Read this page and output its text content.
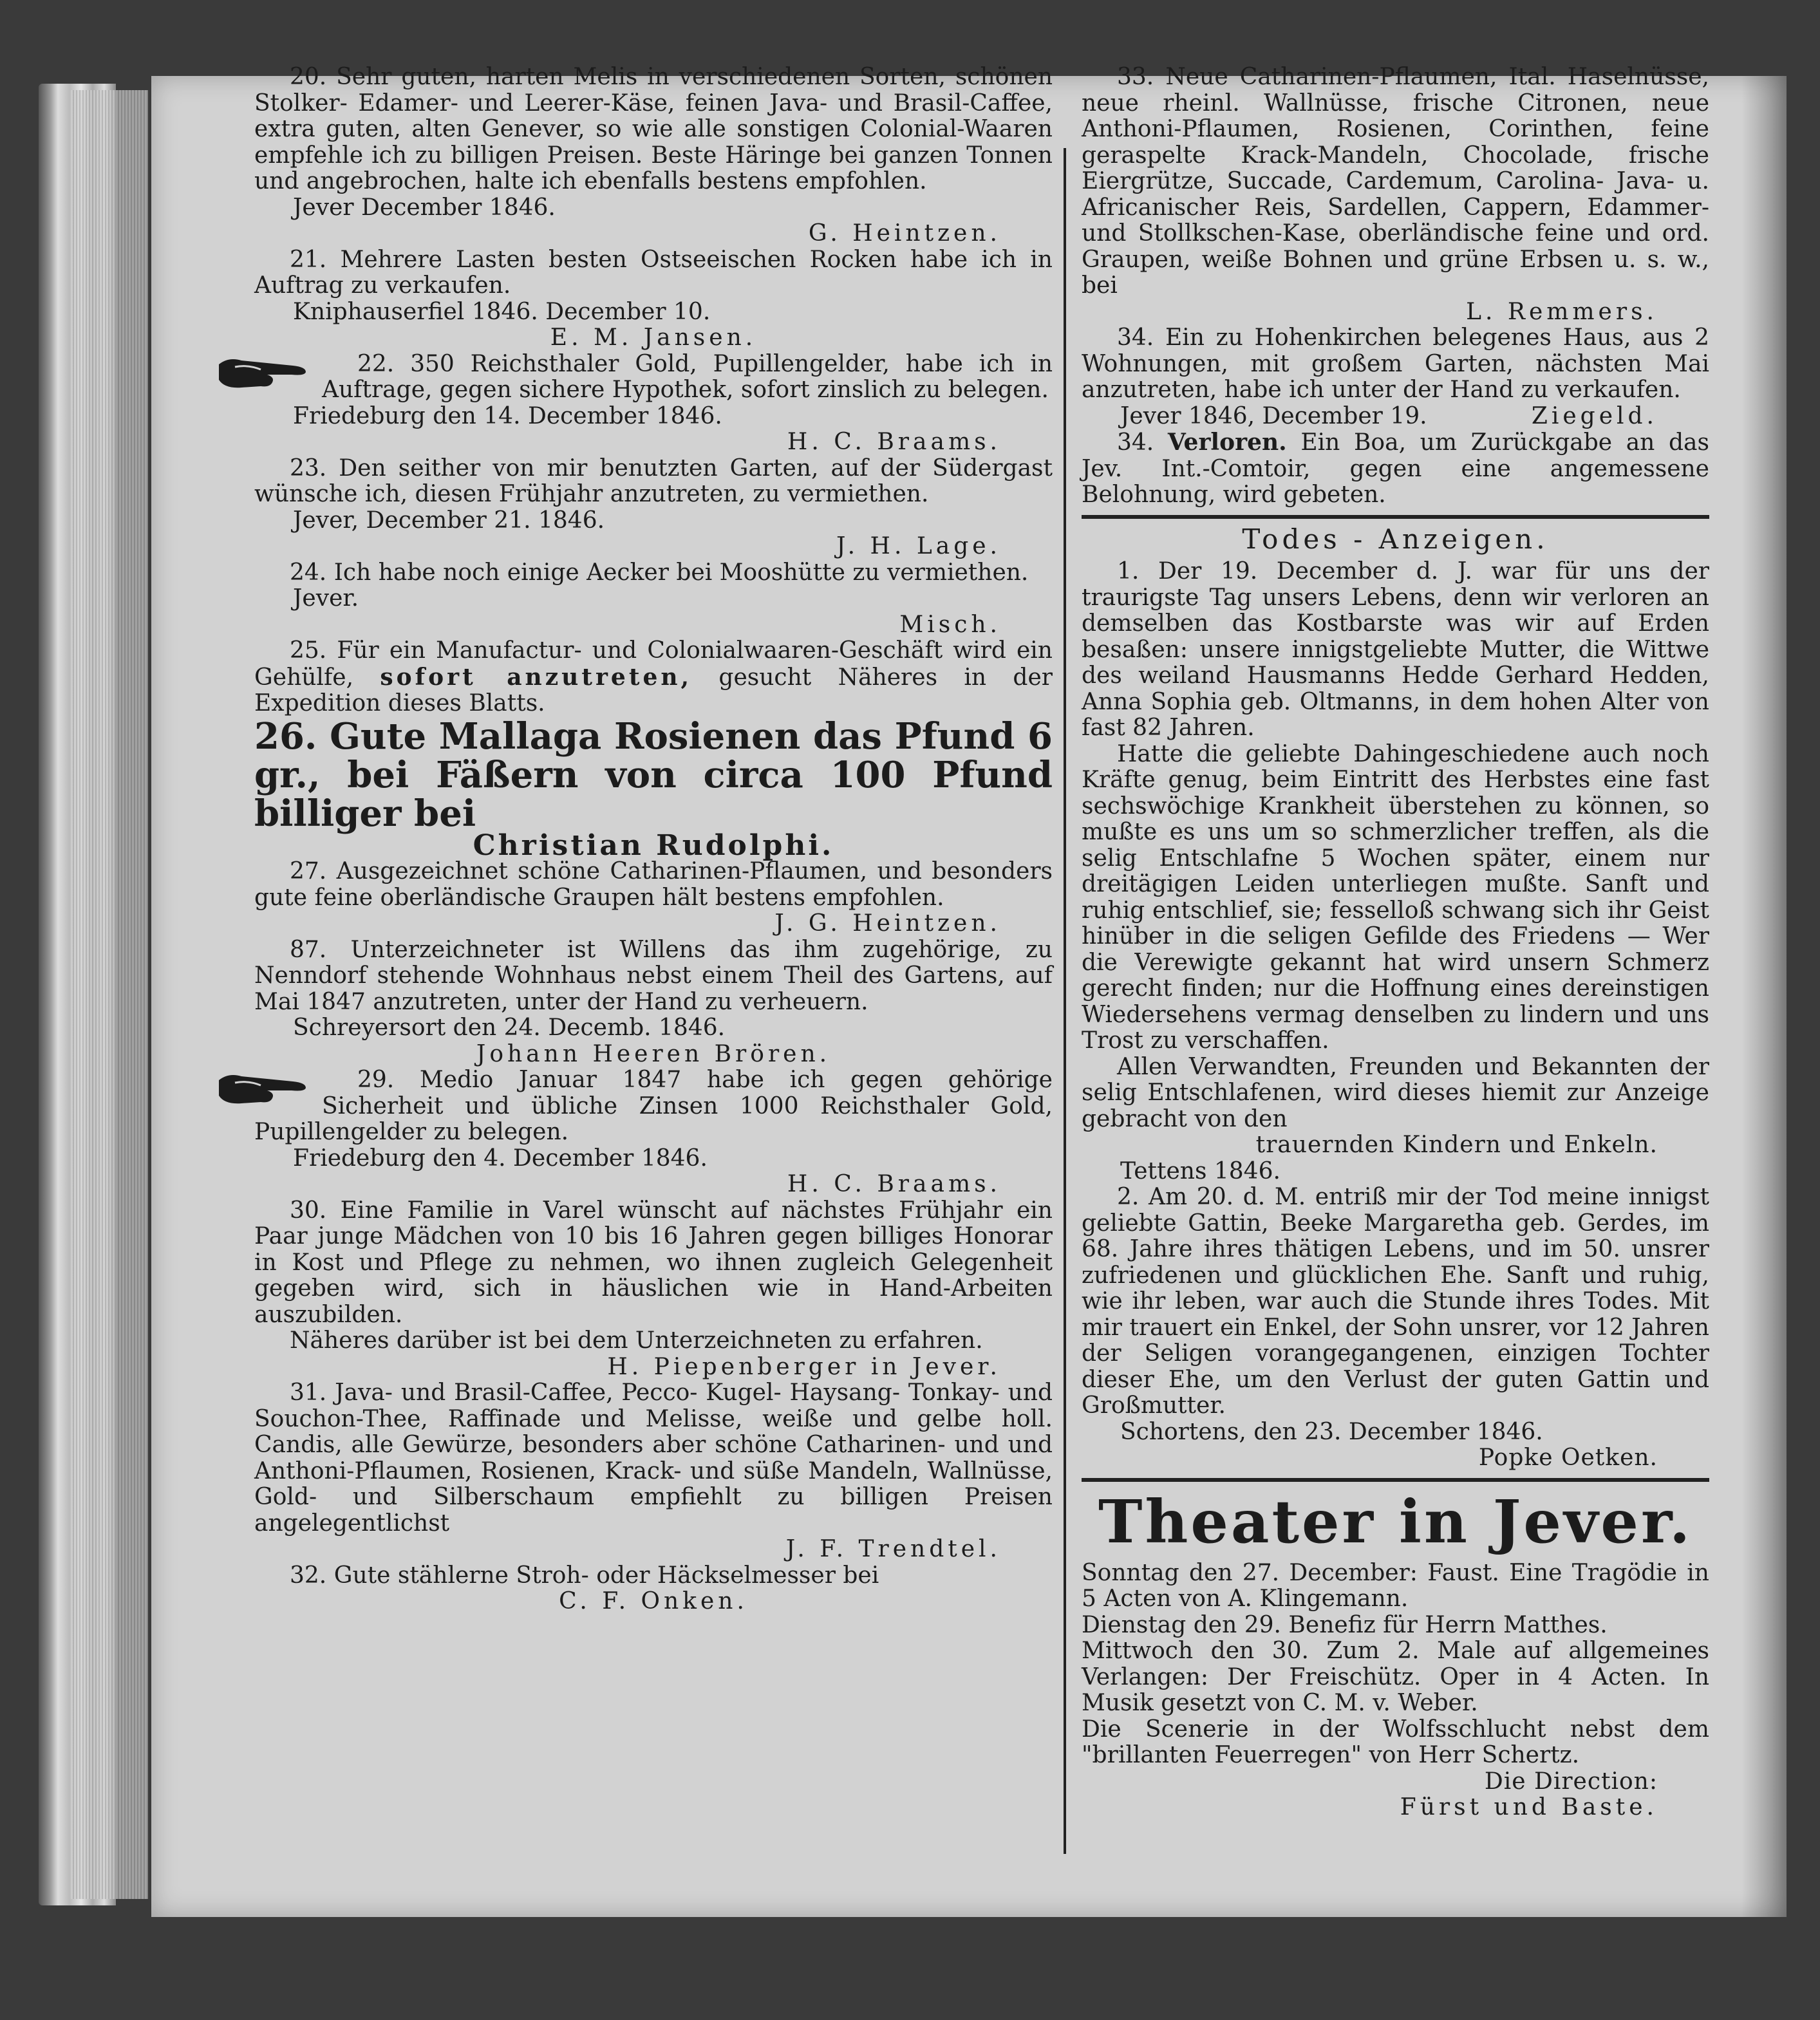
20. Sehr guten, harten Melis in verschiedenen Sorten, schönen Stolker- Edamer- und Leerer-Käse, feinen Java- und Brasil-Caffee, extra guten, alten Genever, so wie alle sonstigen Colonial-Waaren empfehle ich zu billigen Preisen. Beste Häringe bei ganzen Tonnen und angebrochen, halte ich ebenfalls bestens empfohlen.

Jever December 1846.

G. Heintzen.

21. Mehrere Lasten besten Ostseeischen Rocken habe ich in Auftrag zu verkaufen.

Kniphauserfiel 1846. December 10.

E. M. Jansen.

22. 350 Reichsthaler Gold, Pupillengelder, habe ich in Auftrage, gegen sichere Hypothek, sofort zinslich zu belegen.

Friedeburg den 14. December 1846.

H. C. Braams.

23. Den seither von mir benutzten Garten, auf der Südergast wünsche ich, diesen Frühjahr anzutreten, zu vermiethen.

Jever, December 21. 1846.

J. H. Lage.

24. Ich habe noch einige Aecker bei Mooshütte zu vermiethen.

Jever.

Misch.

25. Für ein Manufactur- und Colonialwaaren-Geschäft wird ein Gehülfe, sofort anzutreten, gesucht Näheres in der Expedition dieses Blatts.

26. Gute Mallaga Rosienen das Pfund 6 gr., bei Fäßern von circa 100 Pfund billiger bei

Christian Rudolphi.

27. Ausgezeichnet schöne Catharinen-Pflaumen, und besonders gute feine oberländische Graupen hält bestens empfohlen.

J. G. Heintzen.

87. Unterzeichneter ist Willens das ihm zugehörige, zu Nenndorf stehende Wohnhaus nebst einem Theil des Gartens, auf Mai 1847 anzutreten, unter der Hand zu verheuern.

Schreyersort den 24. Decemb. 1846.

Johann Heeren Brören.

29. Medio Januar 1847 habe ich gegen gehörige Sicherheit und übliche Zinsen 1000 Reichsthaler Gold, Pupillengelder zu belegen.

Friedeburg den 4. December 1846.

H. C. Braams.

30. Eine Familie in Varel wünscht auf nächstes Frühjahr ein Paar junge Mädchen von 10 bis 16 Jahren gegen billiges Honorar in Kost und Pflege zu nehmen, wo ihnen zugleich Gelegenheit gegeben wird, sich in häuslichen wie in Hand-Arbeiten auszubilden.

Näheres darüber ist bei dem Unterzeichneten zu erfahren.

H. Piepenberger in Jever.

31. Java- und Brasil-Caffee, Pecco- Kugel- Haysang- Tonkay- und Souchon-Thee, Raffinade und Melisse, weiße und gelbe holl. Candis, alle Gewürze, besonders aber schöne Catharinen- und und Anthoni-Pflaumen, Rosienen, Krack- und süße Mandeln, Wallnüsse, Gold- und Silberschaum empfiehlt zu billigen Preisen angelegentlichst

J. F. Trendtel.

32. Gute stählerne Stroh- oder Häckselmesser bei

C. F. Onken.

33. Neue Catharinen-Pflaumen, Ital. Haselnüsse, neue rheinl. Wallnüsse, frische Citronen, neue Anthoni-Pflaumen, Rosienen, Corinthen, feine geraspelte Krack-Mandeln, Chocolade, frische Eiergrütze, Succade, Cardemum, Carolina- Java- u. Africanischer Reis, Sardellen, Cappern, Edammer- und Stollkschen-Kase, oberländische feine und ord. Graupen, weiße Bohnen und grüne Erbsen u. s. w., bei

L. Remmers.

34. Ein zu Hohenkirchen belegenes Haus, aus 2 Wohnungen, mit großem Garten, nächsten Mai anzutreten, habe ich unter der Hand zu verkaufen.

Jever 1846, December 19.	Ziegeld.

34. Verloren. Ein Boa, um Zurückgabe an das Jev. Int.-Comtoir, gegen eine angemessene Belohnung, wird gebeten.

Todes - Anzeigen.

1. Der 19. December d. J. war für uns der traurigste Tag unsers Lebens, denn wir verloren an demselben das Kostbarste was wir auf Erden besaßen: unsere innigstgeliebte Mutter, die Wittwe des weiland Hausmanns Hedde Gerhard Hedden, Anna Sophia geb. Oltmanns, in dem hohen Alter von fast 82 Jahren.

Hatte die geliebte Dahingeschiedene auch noch Kräfte genug, beim Eintritt des Herbstes eine fast sechswöchige Krankheit überstehen zu können, so mußte es uns um so schmerzlicher treffen, als die selig Entschlafne 5 Wochen später, einem nur dreitägigen Leiden unterliegen mußte. Sanft und ruhig entschlief, sie; fesselloß schwang sich ihr Geist hinüber in die seligen Gefilde des Friedens — Wer die Verewigte gekannt hat wird unsern Schmerz gerecht finden; nur die Hoffnung eines dereinstigen Wiedersehens vermag denselben zu lindern und uns Trost zu verschaffen.

Allen Verwandten, Freunden und Bekannten der selig Entschlafenen, wird dieses hiemit zur Anzeige gebracht von den

trauernden Kindern und Enkeln.

Tettens 1846.

2. Am 20. d. M. entriß mir der Tod meine innigst geliebte Gattin, Beeke Margaretha geb. Gerdes, im 68. Jahre ihres thätigen Lebens, und im 50. unsrer zufriedenen und glücklichen Ehe. Sanft und ruhig, wie ihr leben, war auch die Stunde ihres Todes. Mit mir trauert ein Enkel, der Sohn unsrer, vor 12 Jahren der Seligen vorangegangenen, einzigen Tochter dieser Ehe, um den Verlust der guten Gattin und Großmutter.

Schortens, den 23. December 1846.

Popke Oetken.

Theater in Jever.

Sonntag den 27. December: Faust. Eine Tragödie in 5 Acten von A. Klingemann.

Dienstag den 29. Benefiz für Herrn Matthes.

Mittwoch den 30. Zum 2. Male auf allgemeines Verlangen: Der Freischütz. Oper in 4 Acten. In Musik gesetzt von C. M. v. Weber.

Die Scenerie in der Wolfsschlucht nebst dem "brillanten Feuerregen" von Herr Schertz.

Die Direction:

Fürst und Baste.
